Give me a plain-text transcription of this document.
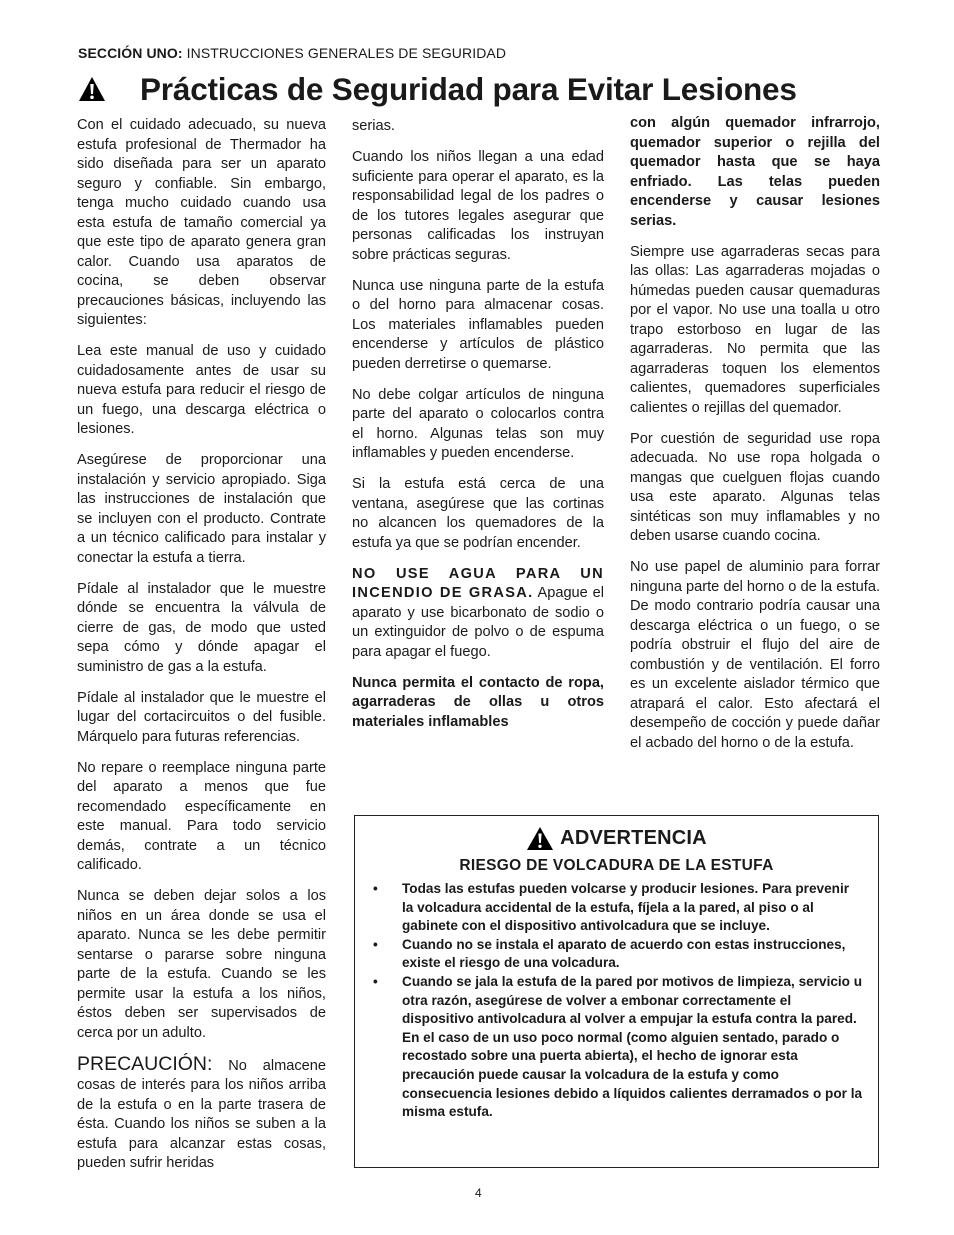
SECCIÓN UNO: INSTRUCCIONES GENERALES DE SEGURIDAD
Prácticas de Seguridad para Evitar Lesiones

Con el cuidado adecuado, su nueva estufa profesional de Thermador ha sido diseñada para ser un aparato seguro y confiable. Sin embargo, tenga mucho cuidado cuando usa esta estufa de tamaño comercial ya que este tipo de aparato genera gran calor. Cuando usa aparatos de cocina, se deben observar precauciones básicas, incluyendo las siguientes:

Lea este manual de uso y cuidado cuidadosamente antes de usar su nueva estufa para reducir el riesgo de un fuego, una descarga eléctrica o lesiones.

Asegúrese de proporcionar una instalación y servicio apropiado. Siga las instrucciones de instalación que se incluyen con el producto. Contrate a un técnico calificado para instalar y conectar la estufa a tierra.

Pídale al instalador que le muestre dónde se encuentra la válvula de cierre de gas, de modo que usted sepa cómo y dónde apagar el suministro de gas a la estufa.

Pídale al instalador que le muestre el lugar del cortacircuitos o del fusible. Márquelo para futuras referencias.

No repare o reemplace ninguna parte del aparato a menos que fue recomendado específicamente en este manual. Para todo servicio demás, contrate a un técnico calificado.

Nunca se deben dejar solos a los niños en un área donde se usa el aparato. Nunca se les debe permitir sentarse o pararse sobre ninguna parte de la estufa. Cuando se les permite usar la estufa a los niños, éstos deben ser supervisados de cerca por un adulto.

PRECAUCIÓN: No almacene cosas de interés para los niños arriba de la estufa o en la parte trasera de ésta. Cuando los niños se suben a la estufa para alcanzar estas cosas, pueden sufrir heridas

serias.

Cuando los niños llegan a una edad suficiente para operar el aparato, es la responsabilidad legal de los padres o de los tutores legales asegurar que personas calificadas los instruyan sobre prácticas seguras.

Nunca use ninguna parte de la estufa o del horno para almacenar cosas. Los materiales inflamables pueden encenderse y artículos de plástico pueden derretirse o quemarse.

No debe colgar artículos de ninguna parte del aparato o colocarlos contra el horno. Algunas telas son muy inflamables y pueden encenderse.

Si la estufa está cerca de una ventana, asegúrese que las cortinas no alcancen los quemadores de la estufa ya que se podrían encender.

NO USE AGUA PARA UN INCENDIO DE GRASA. Apague el aparato y use bicarbonato de sodio o un extinguidor de polvo o de espuma para apagar el fuego.

Nunca permita el contacto de ropa, agarraderas de ollas u otros materiales inflamables

con algún quemador infrarrojo, quemador superior o rejilla del quemador hasta que se haya enfriado. Las telas pueden encenderse y causar lesiones serias.

Siempre use agarraderas secas para las ollas: Las agarraderas mojadas o húmedas pueden causar quemaduras por el vapor. No use una toalla u otro trapo estorboso en lugar de las agarraderas. No permita que las agarraderas toquen los elementos calientes, quemadores superficiales calientes o rejillas del quemador.

Por cuestión de seguridad use ropa adecuada. No use ropa holgada o mangas que cuelguen flojas cuando usa este aparato. Algunas telas sintéticas son muy inflamables y no deben usarse cuando cocina.

No use papel de aluminio para forrar ninguna parte del horno o de la estufa. De modo contrario podría causar una descarga eléctrica o un fuego, o se podría obstruir el flujo del aire de combustión y de ventilación. El forro es un excelente aislador térmico que atrapará el calor. Esto afectará el desempeño de cocción y puede dañar el acbado del horno o de la estufa.

ADVERTENCIA
RIESGO DE VOLCADURA DE LA ESTUFA
• Todas las estufas pueden volcarse y producir lesiones. Para prevenir la volcadura accidental de la estufa, fíjela a la pared, al piso o al gabinete con el dispositivo antivolcadura que se incluye.
• Cuando no se instala el aparato de acuerdo con estas instrucciones, existe el riesgo de una volcadura.
• Cuando se jala la estufa de la pared por motivos de limpieza, servicio u otra razón, asegúrese de volver a embonar correctamente el dispositivo antivolcadura al volver a empujar la estufa contra la pared. En el caso de un uso poco normal (como alguien sentado, parado o recostado sobre una puerta abierta), el hecho de ignorar esta precaución puede causar la volcadura de la estufa y como consecuencia lesiones debido a líquidos calientes derramados o por la misma estufa.
4
